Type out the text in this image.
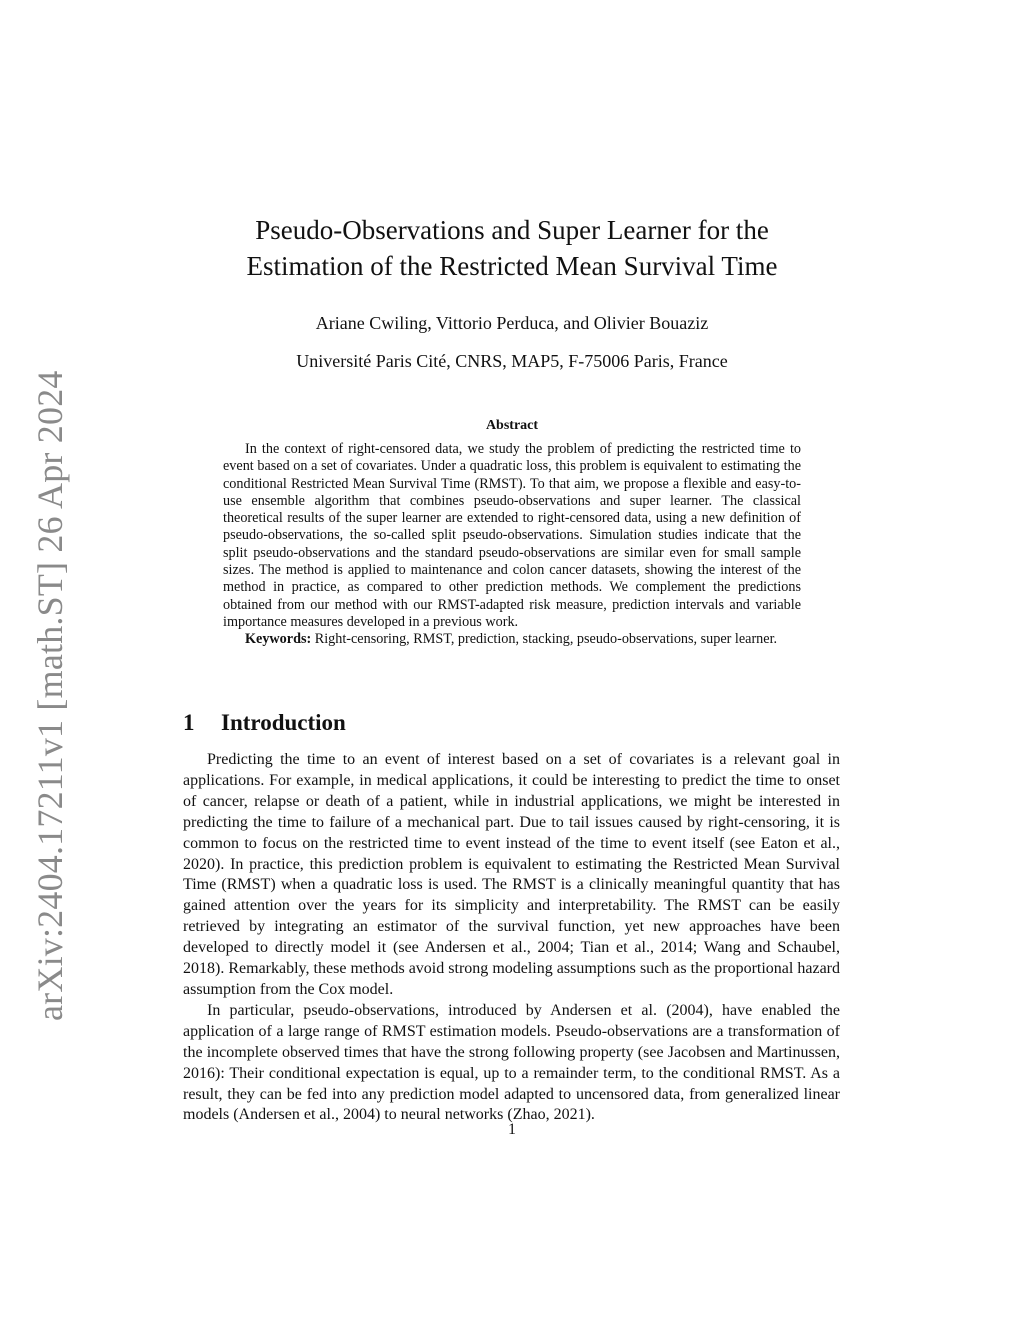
arXiv:2404.17211v1 [math.ST] 26 Apr 2024
Pseudo-Observations and Super Learner for the
Estimation of the Restricted Mean Survival Time
Ariane Cwiling, Vittorio Perduca, and Olivier Bouaziz
Université Paris Cité, CNRS, MAP5, F-75006 Paris, France
Abstract

In the context of right-censored data, we study the problem of predicting the restricted time to event based on a set of covariates. Under a quadratic loss, this problem is equivalent to estimating the conditional Restricted Mean Survival Time (RMST). To that aim, we propose a flexible and easy-to-use ensemble algorithm that combines pseudo-observations and super learner. The classical theoretical results of the super learner are extended to right-censored data, using a new definition of pseudo-observations, the so-called split pseudo-observations. Simulation studies indicate that the split pseudo-observations and the standard pseudo-observations are similar even for small sample sizes. The method is applied to maintenance and colon cancer datasets, showing the interest of the method in practice, as compared to other prediction methods. We complement the predictions obtained from our method with our RMST-adapted risk measure, prediction intervals and variable importance measures developed in a previous work.

Keywords: Right-censoring, RMST, prediction, stacking, pseudo-observations, super learner.

1 Introduction

Predicting the time to an event of interest based on a set of covariates is a relevant goal in applications. For example, in medical applications, it could be interesting to predict the time to onset of cancer, relapse or death of a patient, while in industrial applications, we might be interested in predicting the time to failure of a mechanical part. Due to tail issues caused by right-censoring, it is common to focus on the restricted time to event instead of the time to event itself (see Eaton et al., 2020). In practice, this prediction problem is equivalent to estimating the Restricted Mean Survival Time (RMST) when a quadratic loss is used. The RMST is a clinically meaningful quantity that has gained attention over the years for its simplicity and interpretability. The RMST can be easily retrieved by integrating an estimator of the survival function, yet new approaches have been developed to directly model it (see Andersen et al., 2004; Tian et al., 2014; Wang and Schaubel, 2018). Remarkably, these methods avoid strong modeling assumptions such as the proportional hazard assumption from the Cox model.

In particular, pseudo-observations, introduced by Andersen et al. (2004), have enabled the application of a large range of RMST estimation models. Pseudo-observations are a transformation of the incomplete observed times that have the strong following property (see Jacobsen and Martinussen, 2016): Their conditional expectation is equal, up to a remainder term, to the conditional RMST. As a result, they can be fed into any prediction model adapted to uncensored data, from generalized linear models (Andersen et al., 2004) to neural networks (Zhao, 2021).

1
